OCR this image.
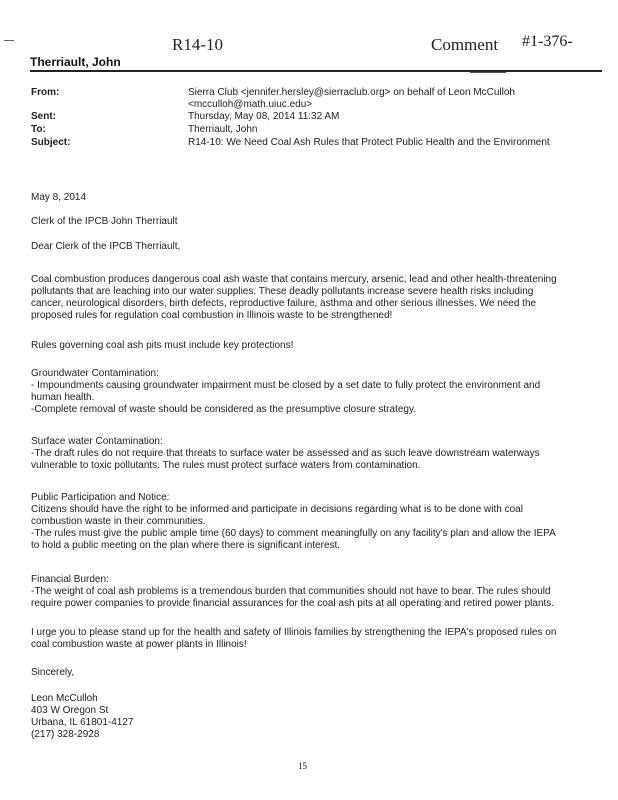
R14-10	Comment #1-376-
Therriault, John
From:	Sierra Club <jennifer.hersley@sierraclub.org> on behalf of Leon McCulloh
<mcculloh@math.uiuc.edu>
Sent:	Thursday, May 08, 2014 11:32 AM
To:	Therriault, John
Subject:	R14-10: We Need Coal Ash Rules that Protect Public Health and the Environment
May 8, 2014
Clerk of the IPCB John Therriault
Dear Clerk of the IPCB Therriault,
Coal combustion produces dangerous coal ash waste that contains mercury, arsenic, lead and other health-threatening
pollutants that are leaching into our water supplies. These deadly pollutants increase severe health risks including
cancer, neurological disorders, birth defects, reproductive failure, asthma and other serious illnesses. We need the
proposed rules for regulation coal combustion in Illinois waste to be strengthened!
Rules governing coal ash pits must include key protections!
Groundwater Contamination:
- Impoundments causing groundwater impairment must be closed by a set date to fully protect the environment and
human health.
-Complete removal of waste should be considered as the presumptive closure strategy.
Surface water Contamination:
-The draft rules do not require that threats to surface water be assessed and as such leave downstream waterways
vulnerable to toxic pollutants. The rules must protect surface waters from contamination.
Public Participation and Notice:
Citizens should have the right to be informed and participate in decisions regarding what is to be done with coal
combustion waste in their communities.
-The rules must give the public ample time (60 days) to comment meaningfully on any facility's plan and allow the IEPA
to hold a public meeting on the plan where there is significant interest.
Financial Burden:
-The weight of coal ash problems is a tremendous burden that communities should not have to bear. The rules should
require power companies to provide financial assurances for the coal ash pits at all operating and retired power plants.
I urge you to please stand up for the health and safety of Illinois families by strengthening the IEPA's proposed rules on
coal combustion waste at power plants in Illinois!
Sincerely,
Leon McCulloh
403 W Oregon St
Urbana, IL 61801-4127
(217) 328-2928
15
